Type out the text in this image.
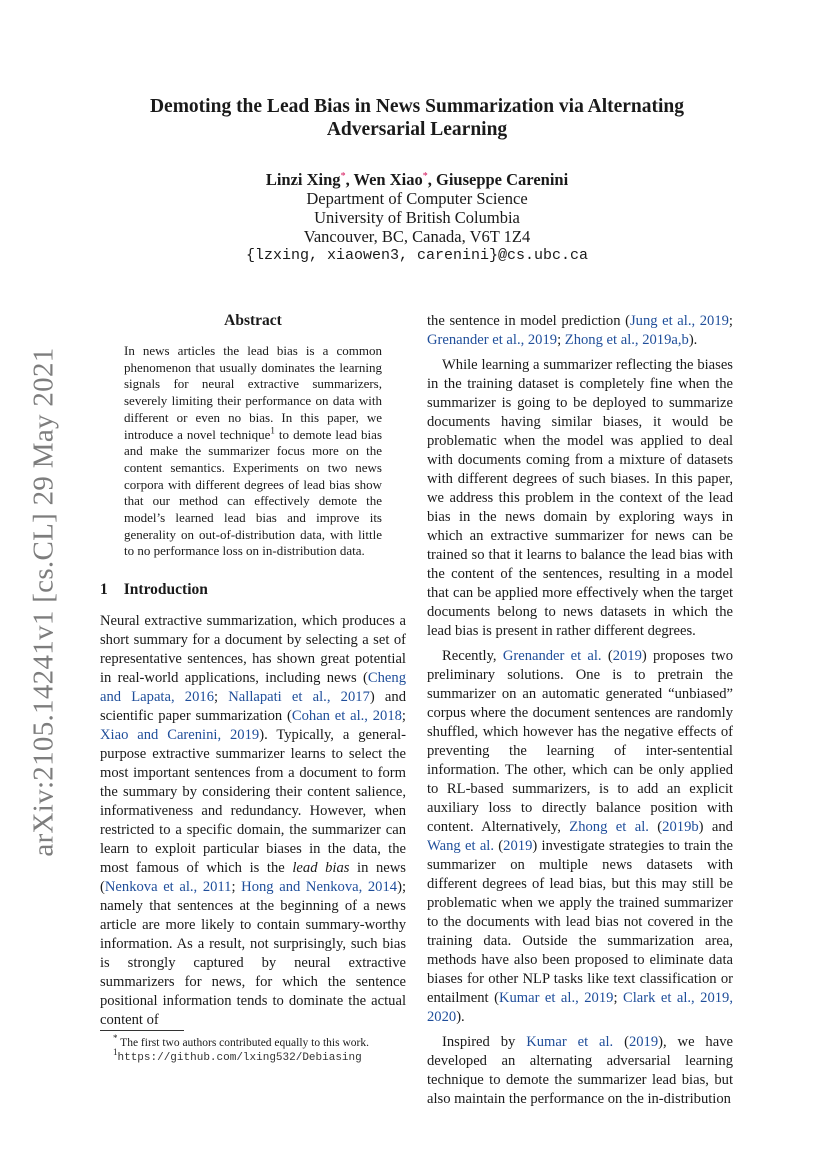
arXiv:2105.14241v1 [cs.CL] 29 May 2021
Demoting the Lead Bias in News Summarization via Alternating
Adversarial Learning
Linzi Xing*, Wen Xiao*, Giuseppe Carenini
Department of Computer Science
University of British Columbia
Vancouver, BC, Canada, V6T 1Z4
{lzxing, xiaowen3, carenini}@cs.ubc.ca
Abstract
In news articles the lead bias is a common phenomenon that usually dominates the learning signals for neural extractive summarizers, severely limiting their performance on data with different or even no bias. In this paper, we introduce a novel technique$^1$ to demote lead bias and make the summarizer focus more on the content semantics. Experiments on two news corpora with different degrees of lead bias show that our method can effectively demote the model’s learned lead bias and improve its generality on out-of-distribution data, with little to no performance loss on in-distribution data.
1 Introduction

Neural extractive summarization, which produces a short summary for a document by selecting a set of representative sentences, has shown great potential in real-world applications, including news (Cheng and Lapata, 2016; Nallapati et al., 2017) and scientific paper summarization (Cohan et al., 2018; Xiao and Carenini, 2019). Typically, a general-purpose extractive summarizer learns to select the most important sentences from a document to form the summary by considering their content salience, informativeness and redundancy. However, when restricted to a specific domain, the summarizer can learn to exploit particular biases in the data, the most famous of which is the lead bias in news (Nenkova et al., 2011; Hong and Nenkova, 2014); namely that sentences at the beginning of a news article are more likely to contain summary-worthy information. As a result, not surprisingly, such bias is strongly captured by neural extractive summarizers for news, for which the sentence positional information tends to dominate the actual content of

* The first two authors contributed equally to this work.
$^1$https://github.com/lxing532/Debiasing

the sentence in model prediction (Jung et al., 2019; Grenander et al., 2019; Zhong et al., 2019a,b).

While learning a summarizer reflecting the biases in the training dataset is completely fine when the summarizer is going to be deployed to summarize documents having similar biases, it would be problematic when the model was applied to deal with documents coming from a mixture of datasets with different degrees of such biases. In this paper, we address this problem in the context of the lead bias in the news domain by exploring ways in which an extractive summarizer for news can be trained so that it learns to balance the lead bias with the content of the sentences, resulting in a model that can be applied more effectively when the target documents belong to news datasets in which the lead bias is present in rather different degrees.

Recently, Grenander et al. (2019) proposes two preliminary solutions. One is to pretrain the summarizer on an automatic generated “unbiased” corpus where the document sentences are randomly shuffled, which however has the negative effects of preventing the learning of inter-sentential information. The other, which can be only applied to RL-based summarizers, is to add an explicit auxiliary loss to directly balance position with content. Alternatively, Zhong et al. (2019b) and Wang et al. (2019) investigate strategies to train the summarizer on multiple news datasets with different degrees of lead bias, but this may still be problematic when we apply the trained summarizer to the documents with lead bias not covered in the training data. Outside the summarization area, methods have also been proposed to eliminate data biases for other NLP tasks like text classification or entailment (Kumar et al., 2019; Clark et al., 2019, 2020).

Inspired by Kumar et al. (2019), we have developed an alternating adversarial learning technique to demote the summarizer lead bias, but also maintain the performance on the in-distribution
